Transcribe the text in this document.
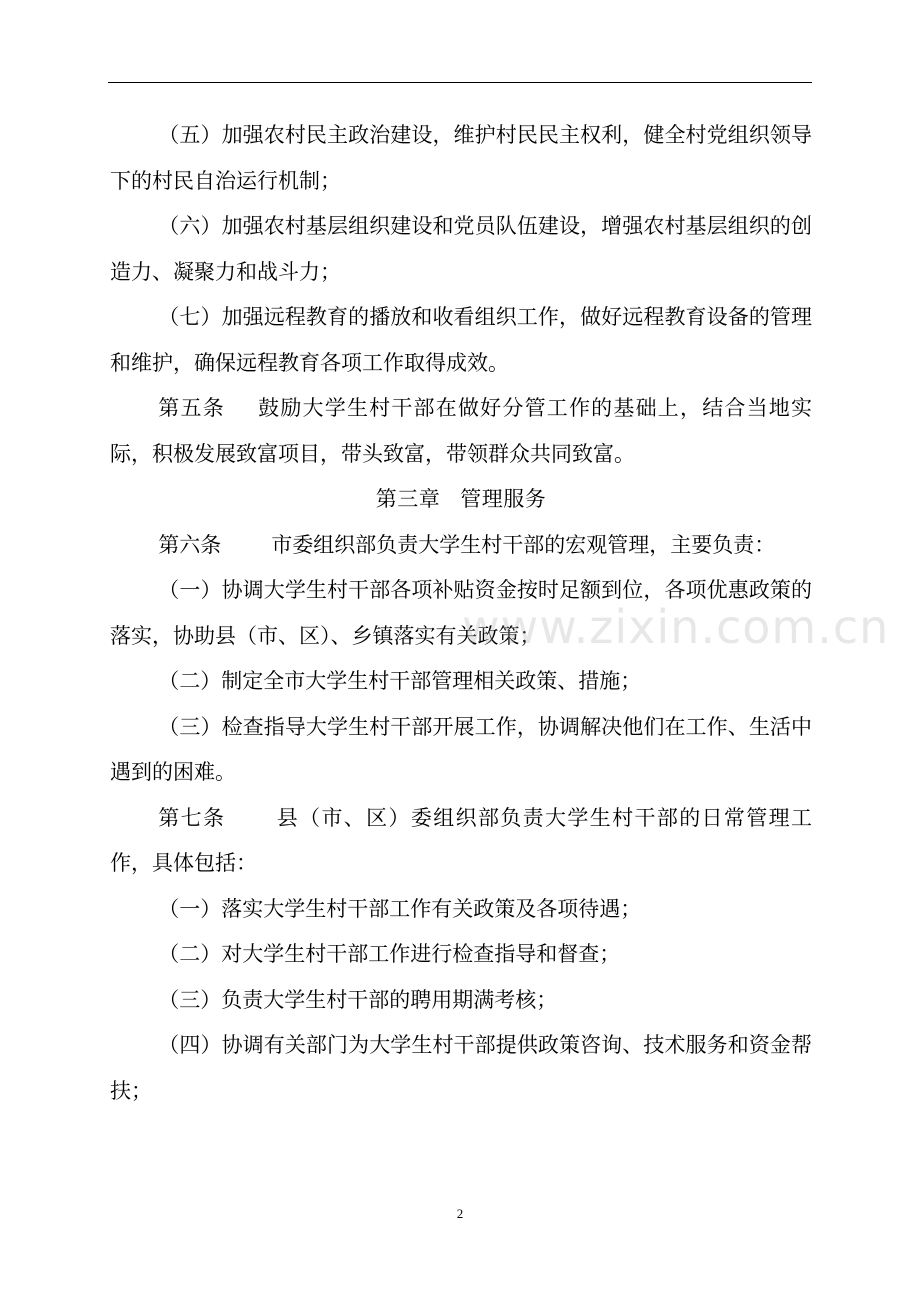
（五）加强农村民主政治建设，维护村民民主权利，健全村党组织领导下的村民自治运行机制；

（六）加强农村基层组织建设和党员队伍建设，增强农村基层组织的创造力、凝聚力和战斗力；

（七）加强远程教育的播放和收看组织工作，做好远程教育设备的管理和维护，确保远程教育各项工作取得成效。

第五条 鼓励大学生村干部在做好分管工作的基础上，结合当地实际，积极发展致富项目，带头致富，带领群众共同致富。

第三章 管理服务

第六条 市委组织部负责大学生村干部的宏观管理，主要负责：

（一）协调大学生村干部各项补贴资金按时足额到位，各项优惠政策的落实，协助县（市、区）、乡镇落实有关政策；

（二）制定全市大学生村干部管理相关政策、措施；

（三）检查指导大学生村干部开展工作，协调解决他们在工作、生活中遇到的困难。

第七条 县（市、区）委组织部负责大学生村干部的日常管理工作，具体包括：

（一）落实大学生村干部工作有关政策及各项待遇；

（二）对大学生村干部工作进行检查指导和督查；

（三）负责大学生村干部的聘用期满考核；

（四）协调有关部门为大学生村干部提供政策咨询、技术服务和资金帮扶；

www.zixin.com.cn
2
